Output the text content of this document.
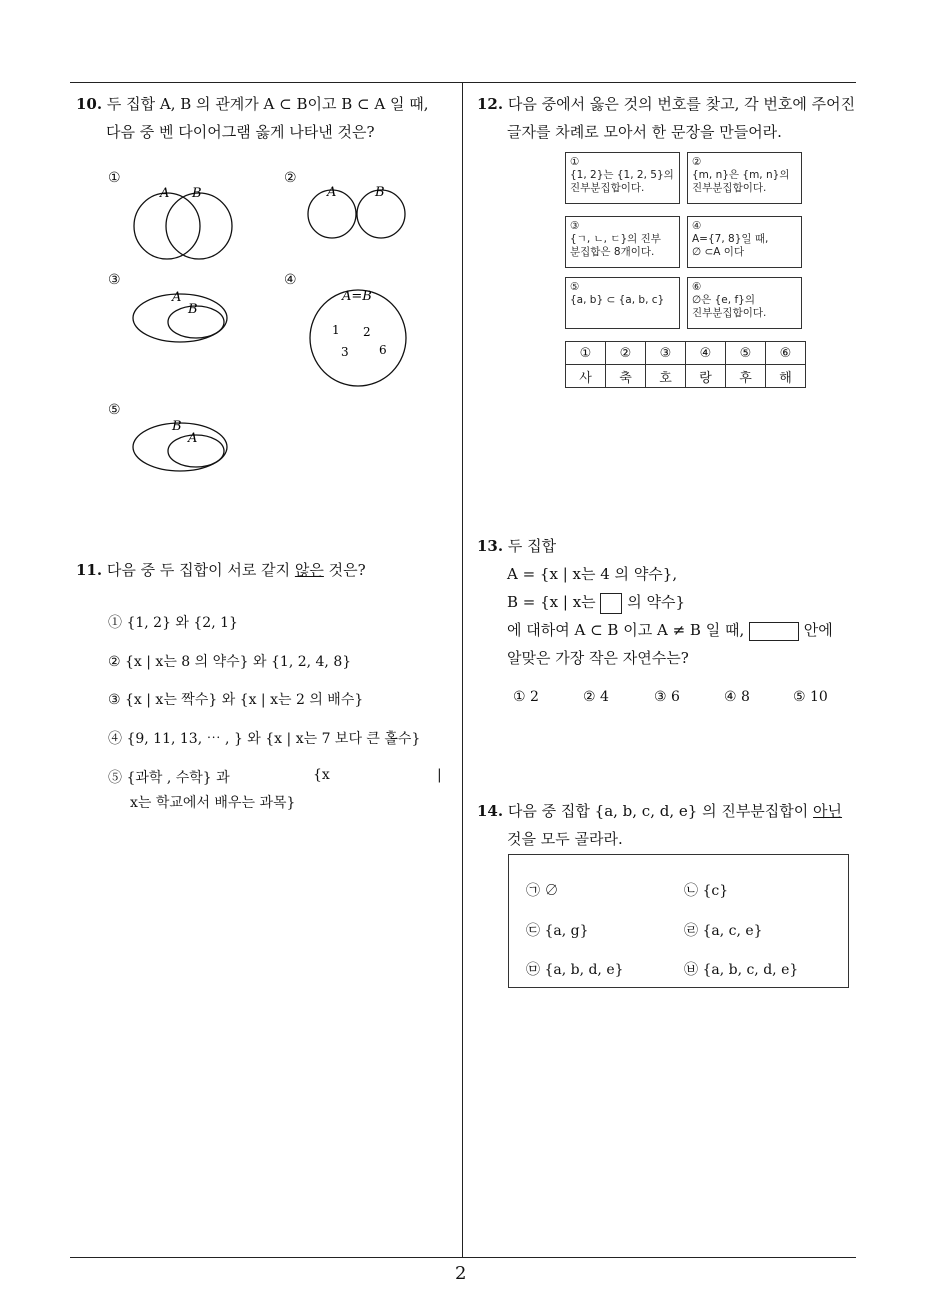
2
10. 두 집합 A, B 의 관계가 A ⊂ B이고 B ⊂ A 일 때,
다음 중 벤 다이어그램 옳게 나타낸 것은?
①
A B
②
A	B
③
A
B
④
A=B
1 2
3	6
⑤
B
A
11. 다음 중 두 집합이 서로 같지 않은 것은?
① {1, 2} 와 {2, 1}
② {x | x는 8 의 약수} 와 {1, 2, 4, 8}
③ {x | x는 짝수} 와 {x | x는 2 의 배수}
④ {9, 11, 13, ⋯ , } 와 {x | x는 7 보다 큰 홀수}
⑤ {과학 , 수학} 과	{x	|
x는 학교에서 배우는 과목}
12. 다음 중에서 옳은 것의 번호를 찾고, 각 번호에 주어진
글자를 차례로 모아서 한 문장을 만들어라.
①
{1, 2}는 {1, 2, 5}의
진부분집합이다.
②
{m, n}은 {m, n}의
진부분집합이다.
③
{ㄱ, ㄴ, ㄷ}의 진부
분집합은 8개이다.
④
A={7, 8}일 때,
∅ ⊂A 이다
⑤
{a, b} ⊂ {a, b, c}
⑥
∅은 {e, f}의
진부분집합이다.
①	②	③	④	⑤	⑥
사	축	호	랑	후	해
13. 두 집합
A = {x | x는 4 의 약수},
B = {x | x는 의 약수}
에 대하여 A ⊂ B 이고 A ≠ B 일 때,	안에
알맞은 가장 작은 자연수는?
① 2	② 4	③ 6	④ 8	⑤ 10
14. 다음 중 집합 {a, b, c, d, e} 의 진부분집합이 아닌
것을 모두 골라라.
㉠ ∅	㉡ {c}
㉢ {a, g}	㉣ {a, c, e}
㉤ {a, b, d, e}	㉥ {a, b, c, d, e}
